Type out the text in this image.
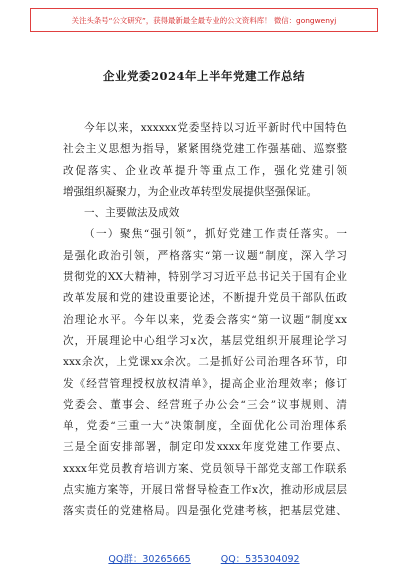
关注头条号“公文研究”，获得最新最全最专业的公文资料库！ 微信：gongwenyj
企业党委2024年上半年党建工作总结
今年以来，xxxxxx党委坚持以习近平新时代中国特色
社会主义思想为指导，紧紧围绕党建工作强基础、巡察整
改促落实、企业改革提升等重点工作，强化党建引领
增强组织凝聚力，为企业改革转型发展提供坚强保证。
一、主要做法及成效
（一）聚焦“强引领”，抓好党建工作责任落实。一
是强化政治引领，严格落实“第一议题”制度，深入学习
贯彻党的XX大精神，特别学习习近平总书记关于国有企业
改革发展和党的建设重要论述，不断提升党员干部队伍政
治理论水平。今年以来，党委会落实“第一议题”制度xx
次，开展理论中心组学习x次，基层党组织开展理论学习
xxx余次，上党课xx余次。二是抓好公司治理各环节，印
发《经营管理授权放权清单》，提高企业治理效率；修订
党委会、董事会、经营班子办公会“三会”议事规则、清
单，党委“三重一大”决策制度，全面优化公司治理体系
三是全面安排部署，制定印发xxxx年度党建工作要点、
xxxx年党员教育培训方案、党员领导干部党支部工作联系
点实施方案等，开展日常督导检查工作x次，推动形成层层
落实责任的党建格局。四是强化党建考核，把基层党建、
QQ群：30265665	QQ：535304092
